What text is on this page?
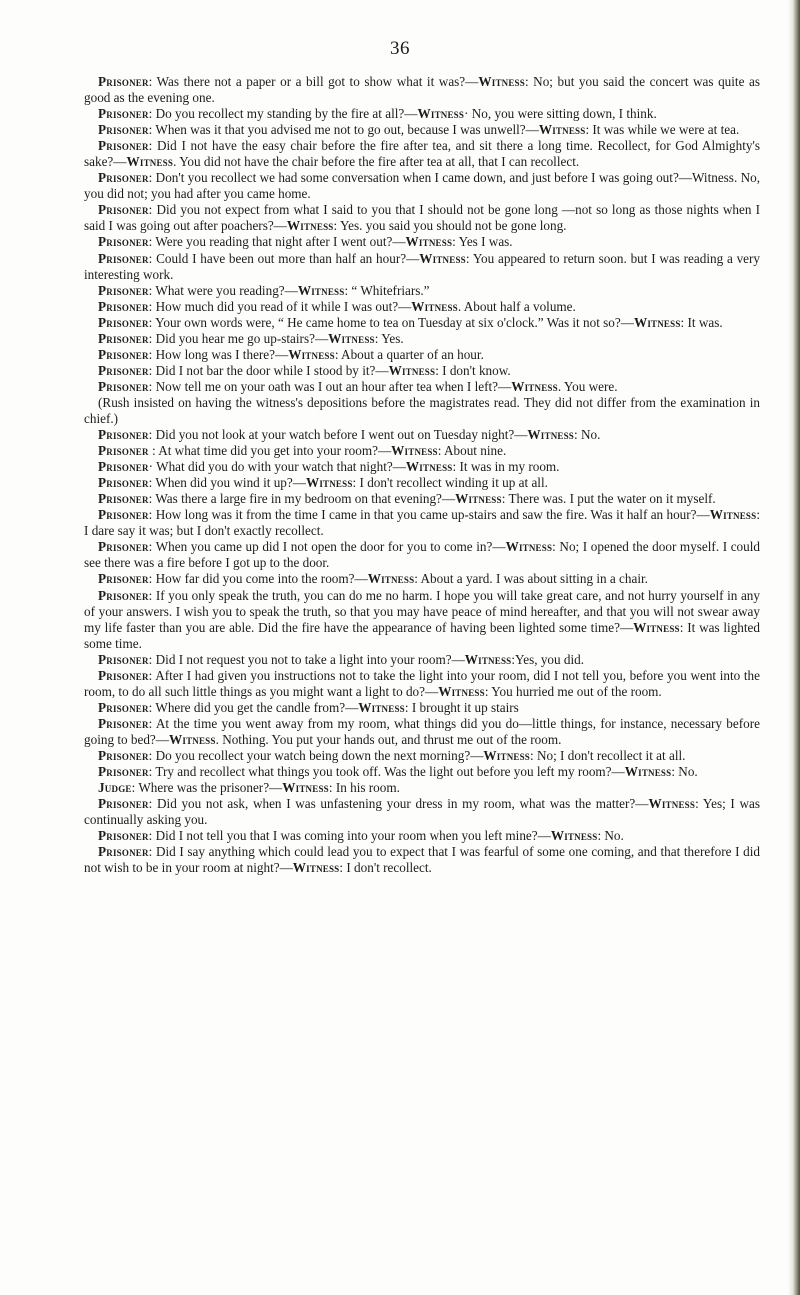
36

Prisoner: Was there not a paper or a bill got to show what it was?—Witness: No; but you said the concert was quite as good as the evening one.

Prisoner: Do you recollect my standing by the fire at all?—Witness· No, you were sitting down, I think.

Prisoner: When was it that you advised me not to go out, because I was unwell?—Witness: It was while we were at tea.

Prisoner: Did I not have the easy chair before the fire after tea, and sit there a long time. Recollect, for God Almighty's sake?—Witness. You did not have the chair before the fire after tea at all, that I can recollect.

Prisoner: Don't you recollect we had some conversation when I came down, and just before I was going out?—Witness. No, you did not; you had after you came home.

Prisoner: Did you not expect from what I said to you that I should not be gone long —not so long as those nights when I said I was going out after poachers?—Witness: Yes. you said you should not be gone long.

Prisoner: Were you reading that night after I went out?—Witness: Yes I was.

Prisoner: Could I have been out more than half an hour?—Witness: You appeared to return soon. but I was reading a very interesting work.

Prisoner: What were you reading?—Witness: “ Whitefriars.”

Prisoner: How much did you read of it while I was out?—Witness. About half a volume.

Prisoner: Your own words were, “ He came home to tea on Tuesday at six o'clock.” Was it not so?—Witness: It was.

Prisoner: Did you hear me go up-stairs?—Witness: Yes.

Prisoner: How long was I there?—Witness: About a quarter of an hour.

Prisoner: Did I not bar the door while I stood by it?—Witness: I don't know.

Prisoner: Now tell me on your oath was I out an hour after tea when I left?—Witness. You were.

(Rush insisted on having the witness's depositions before the magistrates read. They did not differ from the examination in chief.)

Prisoner: Did you not look at your watch before I went out on Tuesday night?—Witness: No.

Prisoner : At what time did you get into your room?—Witness: About nine.

Prisoner· What did you do with your watch that night?—Witness: It was in my room.

Prisoner: When did you wind it up?—Witness: I don't recollect winding it up at all.

Prisoner: Was there a large fire in my bedroom on that evening?—Witness: There was. I put the water on it myself.

Prisoner: How long was it from the time I came in that you came up-stairs and saw the fire. Was it half an hour?—Witness: I dare say it was; but I don't exactly recollect.

Prisoner: When you came up did I not open the door for you to come in?—Witness: No; I opened the door myself. I could see there was a fire before I got up to the door.

Prisoner: How far did you come into the room?—Witness: About a yard. I was about sitting in a chair.

Prisoner: If you only speak the truth, you can do me no harm. I hope you will take great care, and not hurry yourself in any of your answers. I wish you to speak the truth, so that you may have peace of mind hereafter, and that you will not swear away my life faster than you are able. Did the fire have the appearance of having been lighted some time?—Witness: It was lighted some time.

Prisoner: Did I not request you not to take a light into your room?—Witness:Yes, you did.

Prisoner: After I had given you instructions not to take the light into your room, did I not tell you, before you went into the room, to do all such little things as you might want a light to do?—Witness: You hurried me out of the room.

Prisoner: Where did you get the candle from?—Witness: I brought it up stairs

Prisoner: At the time you went away from my room, what things did you do—little things, for instance, necessary before going to bed?—Witness. Nothing. You put your hands out, and thrust me out of the room.

Prisoner: Do you recollect your watch being down the next morning?—Witness: No; I don't recollect it at all.

Prisoner: Try and recollect what things you took off. Was the light out before you left my room?—Witness: No.

Judge: Where was the prisoner?—Witness: In his room.

Prisoner: Did you not ask, when I was unfastening your dress in my room, what was the matter?—Witness: Yes; I was continually asking you.

Prisoner: Did I not tell you that I was coming into your room when you left mine?—Witness: No.

Prisoner: Did I say anything which could lead you to expect that I was fearful of some one coming, and that therefore I did not wish to be in your room at night?—Witness: I don't recollect.
